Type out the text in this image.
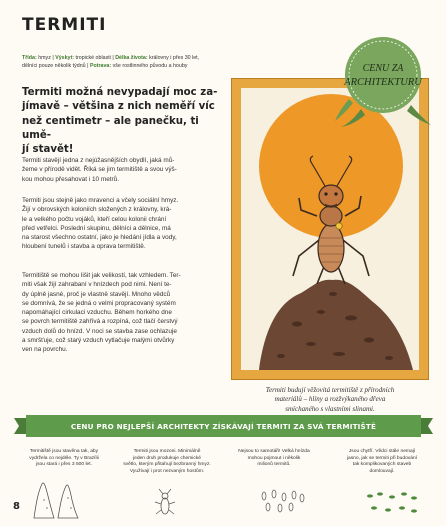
TERMITI
Třída: hmyz | Výskyt: tropické oblasti | Délka života: královny i přes 30 let,
dělníci pouze několik týdnů | Potrava: vše rostlinného původu a houby
Termiti možná nevypadají moc za-
jímavě – většina z nich neměří víc
než centimetr – ale panečku, ti umě-
jí stavět!
Termiti stavějí jedna z nejúžasnějších obydlí, jaká mů-
žeme v přírodě vidět. Říká se jim termitiště a svou výš-
kou mohou přesahovat i 10 metrů.
Termiti jsou stejně jako mravenci a včely sociální hmyz.
Žijí v obrovských koloniích složených z královny, krá-
le a velkého počtu vojáků, kteří celou kolonii chrání
před vetřelci. Poslední skupinu, dělníci a dělnice, má
na starost všechno ostatní, jako je hledání jídla a vody,
hloubení tunelů i stavba a oprava termitiště.
Termitiště se mohou lišit jak velikostí, tak vzhledem. Ter-
miti však žijí zahrabaní v hnízdech pod nimi. Není te-
dy úplně jasné, proč je vlastně stavějí. Mnoho vědců
se domnívá, že se jedná o velmi propracovaný systém
napomáhající cirkulaci vzduchu. Během horkého dne
se povrch termitiště zahřívá a rozpíná, což tlačí čerstvý
vzduch dolů do hnízd. V noci se stavba zase ochlazuje
a smršťuje, což starý vzduch vytlačuje malými otvůrky
ven na povrchu.
CENU ZA
ARCHITEKTURU
Termiti budují věžovitá termitiště z přírodních
materiálů – hlíny a rozžvýkaného dřeva
smíchaného s vlastními slinami.
CENU PRO NEJLEPŠÍ ARCHITEKTY ZÍSKÁVAJÍ TERMITI ZA SVÁ TERMITIŠTĚ
Termitiště jsou stavěna tak, aby
vydržela co nejdéle. Ty v Brazílii
jsou stará i přes 3 500 let.
Termiti jsou mozoni. Minimálně
jeden druh produkuje chemické
světlo, kterým přitahují bezbranný hmyz.
Využívají i prot nezvaným hostům.
Nejsou to samotáři! Velká hnízda
mohou pojmout i několik
milionů termitů.
Jsou chytří. Vědci stále nemají
jasno, jak se termiti při budování
tak komplikovaných staveb
domlouvají.
8
